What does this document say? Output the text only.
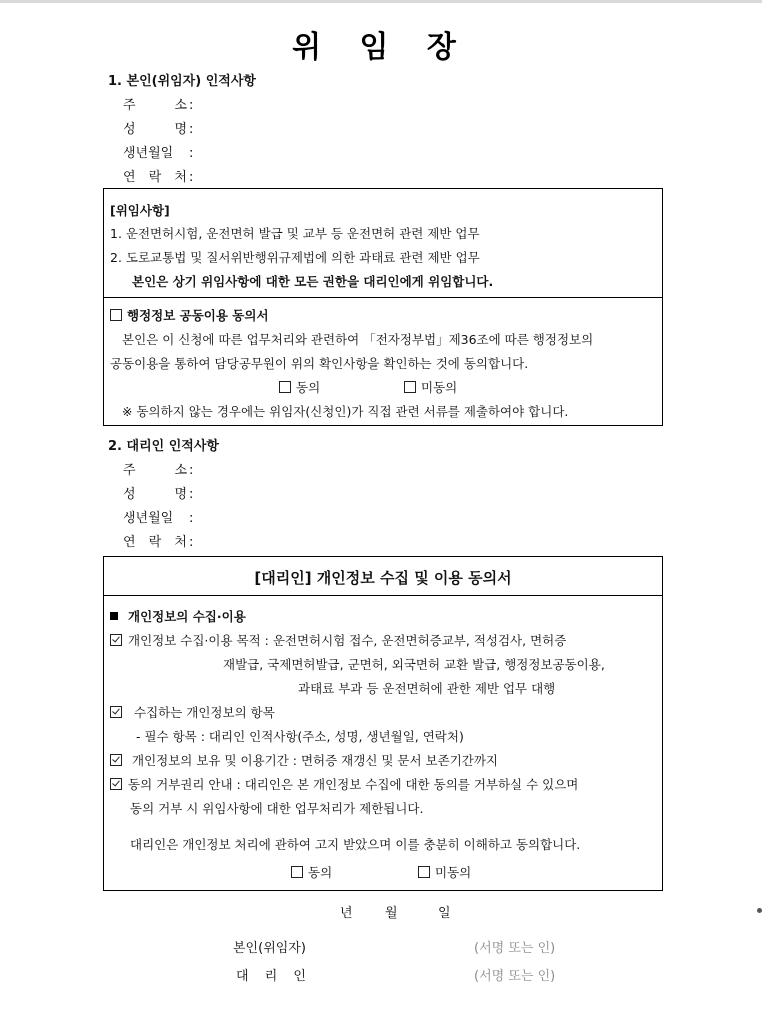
위 임 장
1. 본인(위임자) 인적사항
주 소 :
성 명 :
생년월일 :
연 락 처 :
[위임사항]
1. 운전면허시험, 운전면허 발급 및 교부 등 운전면허 관련 제반 업무
2. 도로교통법 및 질서위반행위규제법에 의한 과태료 관련 제반 업무
본인은 상기 위임사항에 대한 모든 권한을 대리인에게 위임합니다.
행정정보 공동이용 동의서
본인은 이 신청에 따른 업무처리와 관련하여 「전자정부법」제36조에 따른 행정정보의
공동이용을 통하여 담당공무원이 위의 확인사항을 확인하는 것에 동의합니다.
동의	미동의
※ 동의하지 않는 경우에는 위임자(신청인)가 직접 관련 서류를 제출하여야 합니다.
2. 대리인 인적사항
주 소 :
성 명 :
생년월일 :
연 락 처 :
[대리인] 개인정보 수집 및 이용 동의서
개인정보의 수집·이용
개인정보 수집·이용 목적 : 운전면허시험 접수, 운전면허증교부, 적성검사, 면허증
재발급, 국제면허발급, 군면허, 외국면허 교환 발급, 행정정보공동이용,
과태료 부과 등 운전면허에 관한 제반 업무 대행
수집하는 개인정보의 항목
- 필수 항목 : 대리인 인적사항(주소, 성명, 생년월일, 연락처)
개인정보의 보유 및 이용기간 : 면허증 재갱신 및 문서 보존기간까지
동의 거부권리 안내 : 대리인은 본 개인정보 수집에 대한 동의를 거부하실 수 있으며
동의 거부 시 위임사항에 대한 업무처리가 제한됩니다.
대리인은 개인정보 처리에 관하여 고지 받았으며 이를 충분히 이해하고 동의합니다.
동의	미동의
년 월	일
본인(위임자)	(서명 또는 인)
대 리 인	(서명 또는 인)
